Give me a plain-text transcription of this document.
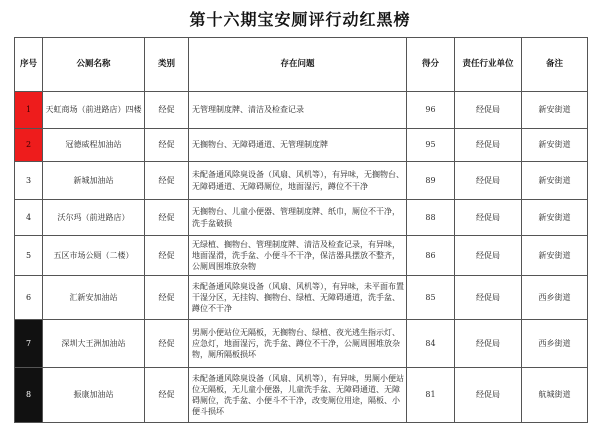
第十六期宝安厕评行动红黑榜
序号	公厕名称	类别	存在问题	得分	责任行业单位	备注
1	天虹商场（前进路店）四楼	经促	无管理制度牌、清洁及检查记录	96	经促局	新安街道
2	冠德威程加油站	经促	无搁物台、无障碍通道、无管理制度牌	95	经促局	新安街道
3	新城加油站	经促	未配备通风除臭设备（风扇、风机等），有异味，无搁物台、无障碍通道、无障碍厕位，地面湿污，蹲位不干净	89	经促局	新安街道
4	沃尔玛（前进路店）	经促	无搁物台、儿童小便器、管理制度牌、纸巾，厕位不干净，洗手盆破损	88	经促局	新安街道
5	五区市场公厕（二楼）	经促	无绿植、搁物台、管理制度牌、清洁及检查记录，有异味，地面湿滑，洗手盆、小便斗不干净，保洁器具摆放不整齐，公厕周围堆放杂物	86	经促局	新安街道
6	汇新安加油站	经促	未配备通风除臭设备（风扇、风机等），有异味，未平面布置干湿分区，无挂钩、搁物台、绿植、无障碍通道，洗手盆、蹲位不干净	85	经促局	西乡街道
7	深圳大王洲加油站	经促	男厕小便站位无隔板，无搁物台、绿植、夜光逃生指示灯、应急灯，地面湿污，洗手盆、蹲位不干净，公厕周围堆放杂物，厕所隔板损坏	84	经促局	西乡街道
8	振康加油站	经促	未配备通风除臭设备（风扇、风机等），有异味，男厕小便站位无隔板，无儿童小便器，儿童洗手盆、无障碍通道、无障碍厕位，洗手盆、小便斗不干净，改变厕位用途，隔板、小便斗损坏	81	经促局	航城街道
